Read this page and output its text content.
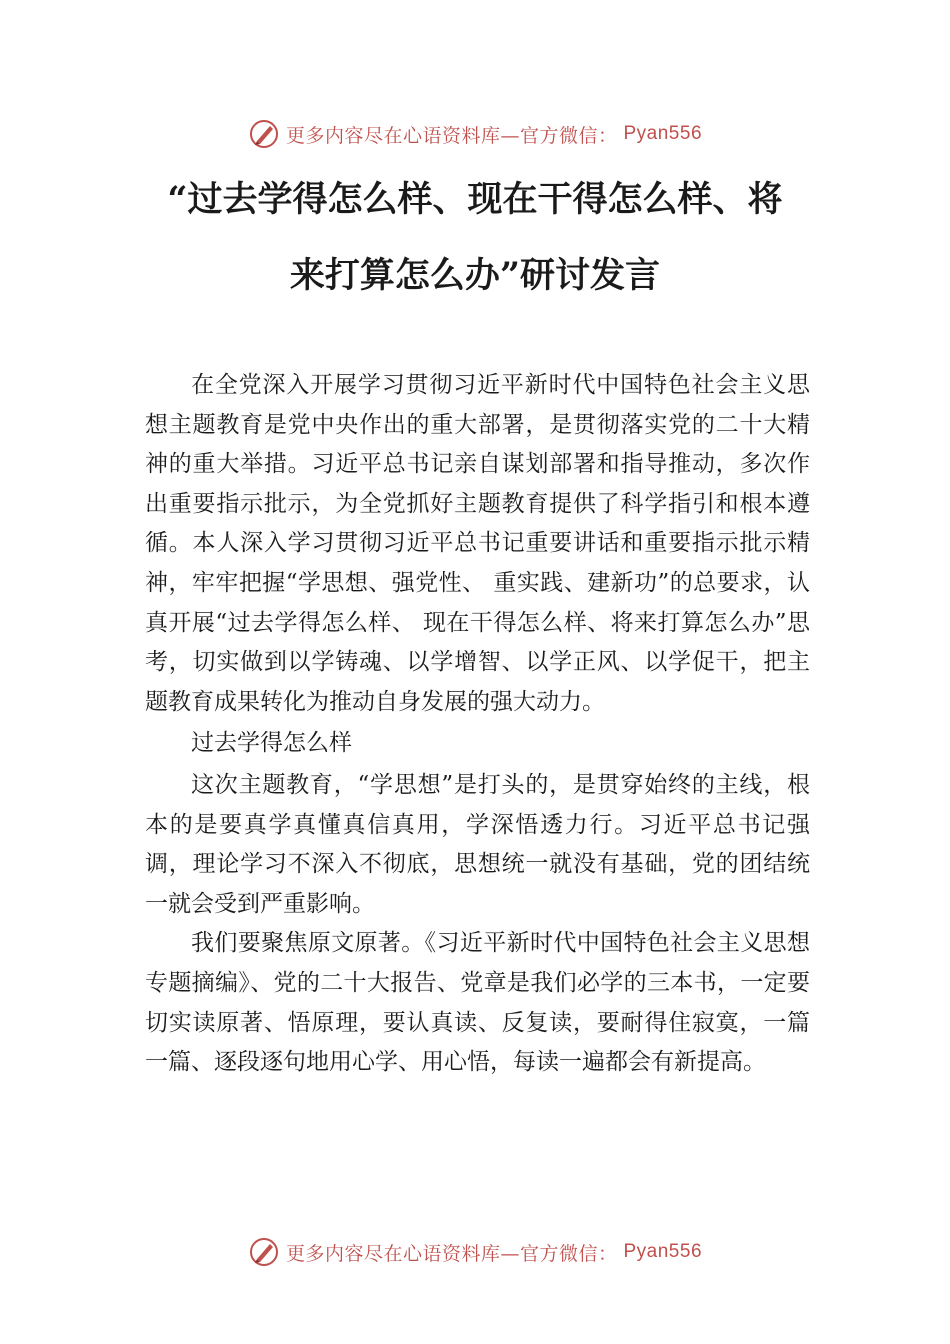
更多内容尽在心语资料库—官方微信： Pyan556
“过去学得怎么样、现在干得怎么样、将
来打算怎么办”研讨发言

在全党深入开展学习贯彻习近平新时代中国特色社会主义思想主题教育是党中央作出的重大部署，是贯彻落实党的二十大精神的重大举措。习近平总书记亲自谋划部署和指导推动，多次作出重要指示批示，为全党抓好主题教育提供了科学指引和根本遵循。本人深入学习贯彻习近平总书记重要讲话和重要指示批示精神，牢牢把握“学思想、强党性、 重实践、建新功”的总要求，认真开展“过去学得怎么样、 现在干得怎么样、将来打算怎么办”思考，切实做到以学铸魂、以学增智、以学正风、以学促干，把主题教育成果转化为推动自身发展的强大动力。

过去学得怎么样

这次主题教育，“学思想”是打头的，是贯穿始终的主线，根本的是要真学真懂真信真用，学深悟透力行。习近平总书记强调，理论学习不深入不彻底，思想统一就没有基础，党的团结统一就会受到严重影响。

我们要聚焦原文原著。《习近平新时代中国特色社会主义思想专题摘编》、党的二十大报告、党章是我们必学的三本书，一定要切实读原著、悟原理，要认真读、反复读，要耐得住寂寞，一篇一篇、逐段逐句地用心学、用心悟，每读一遍都会有新提高。

更多内容尽在心语资料库—官方微信： Pyan556
